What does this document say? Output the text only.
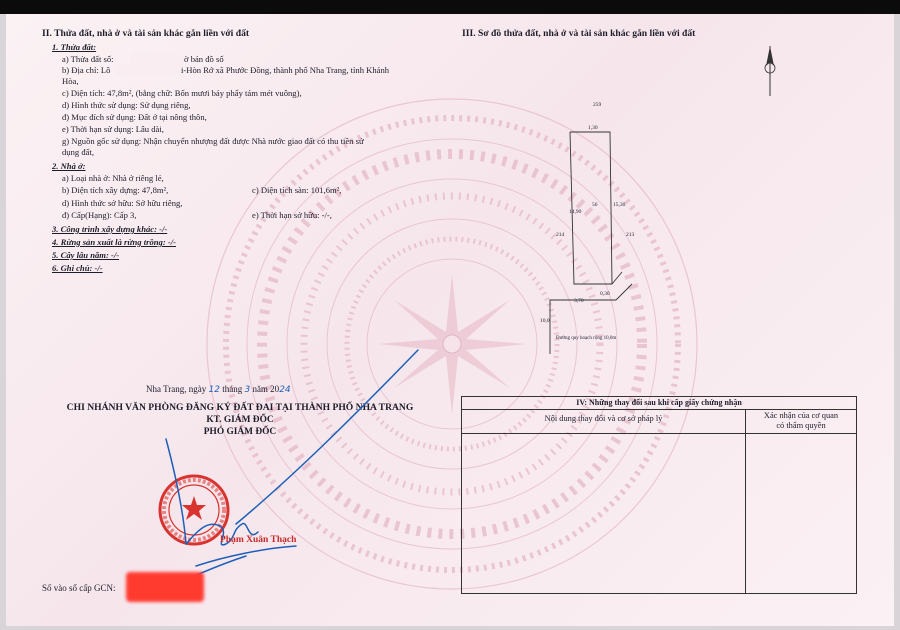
II. Thửa đất, nhà ở và tài sản khác gắn liền với đất
1. Thửa đất:
a) Thửa đất số:	ờ bản đồ số
b) Địa chỉ: Lô	i-Hòn Rớ xã Phước Đồng, thành phố Nha Trang, tỉnh Khánh
Hòa,
c) Diện tích: 47,8m², (bằng chữ: Bốn mươi bảy phẩy tám mét vuông),
d) Hình thức sử dụng: Sử dụng riêng,
đ) Mục đích sử dụng: Đất ở tại nông thôn,
e) Thời hạn sử dụng: Lâu dài,
g) Nguồn gốc sử dụng: Nhận chuyển nhượng đất được Nhà nước giao đất có thu tiền sử
dụng đất,
2. Nhà ở:
a) Loại nhà ở: Nhà ở riêng lẻ,
b) Diện tích xây dựng: 47,8m²,	c) Diện tích sàn: 101,6m²,
d) Hình thức sở hữu: Sở hữu riêng,
đ) Cấp(Hạng): Cấp 3,	e) Thời hạn sở hữu: -/-,
3. Công trình xây dựng khác: -/-
4. Rừng sản xuất là rừng trồng: -/-
5. Cây lâu năm: -/-
6. Ghi chú: -/-
III. Sơ đồ thửa đất, nhà ở và tài sản khác gắn liền với đất
259
1,30
14,90
15,30
56
214	213
3,70
0,30
10,0
Đường quy hoạch rộng 10,0m
Nha Trang, ngày 12 tháng 3 năm 2024
CHI NHÁNH VĂN PHÒNG ĐĂNG KÝ ĐẤT ĐAI TẠI THÀNH PHỐ NHA TRANG
KT. GIÁM ĐỐC
PHÓ GIÁM ĐỐC
Phạm Xuân Thạch
Số vào sổ cấp GCN:
IV: Những thay đổi sau khi cấp giấy chứng nhận
Nội dung thay đổi và cơ sở pháp lý	Xác nhận của cơ quan
có thẩm quyền
